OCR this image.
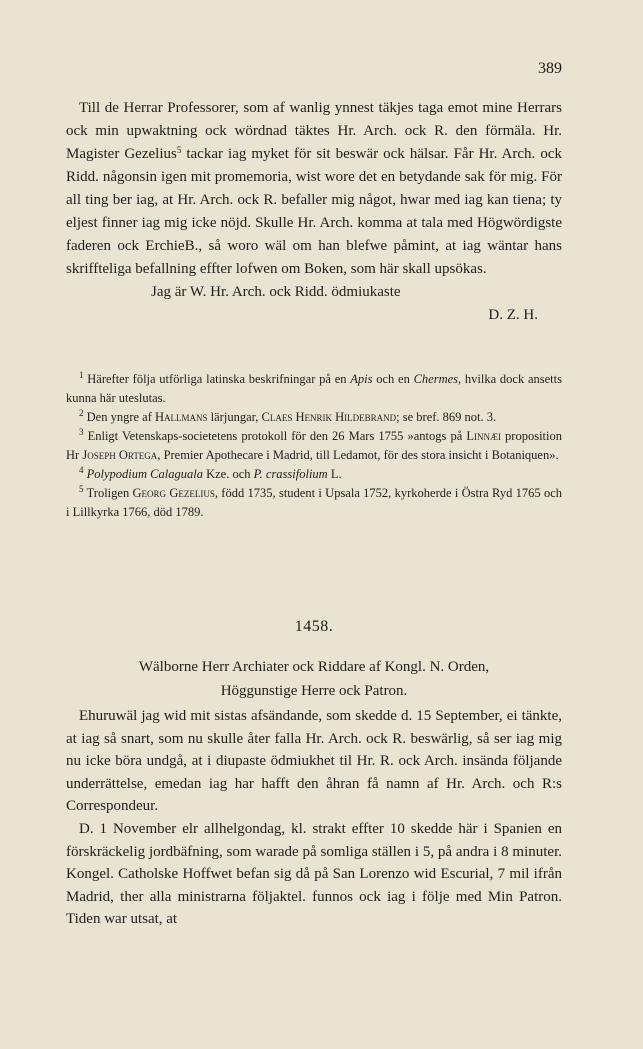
389

Till de Herrar Professorer, som af wanlig ynnest täkjes taga emot mine Herrars ock min upwaktning ock wördnad täktes Hr. Arch. ock R. den förmäla. Hr. Magister Gezelius$^5$ tackar iag myket för sit beswär ock hälsar. Får Hr. Arch. ock Ridd. någonsin igen mit promemoria, wist wore det en betydande sak för mig. För all ting ber iag, at Hr. Arch. ock R. befaller mig något, hwar med iag kan tiena; ty eljest finner iag mig icke nöjd. Skulle Hr. Arch. komma at tala med Högwördigste faderen ock ErchieB., så woro wäl om han blefwe påmint, at iag wäntar hans skriffteliga befallning effter lofwen om Boken, som här skall upsökas.

Jag är W. Hr. Arch. ock Ridd. ödmiukaste

D. Z. H.

$^1$ Härefter följa utförliga latinska beskrifningar på en Apis och en Chermes, hvilka dock ansetts kunna här uteslutas.

$^2$ Den yngre af Hallmans lärjungar, Claes Henrik Hildebrand; se bref. 869 not. 3.

$^3$ Enligt Vetenskaps-societetens protokoll för den 26 Mars 1755 »antogs på Linnæi proposition Hr Joseph Ortega, Premier Apothecare i Madrid, till Ledamot, för des stora insicht i Botaniquen».

$^4$ Polypodium Calaguala Kze. och P. crassifolium L.

$^5$ Troligen Georg Gezelius, född 1735, student i Upsala 1752, kyrkoherde i Östra Ryd 1765 och i Lillkyrka 1766, död 1789.

1458.
Wälborne Herr Archiater ock Riddare af Kongl. N. Orden,
Höggunstige Herre ock Patron.

Ehuruwäl jag wid mit sistas afsändande, som skedde d. 15 September, ei tänkte, at iag så snart, som nu skulle åter falla Hr. Arch. ock R. beswärlig, så ser iag mig nu icke böra undgå, at i diupaste ödmiukhet til Hr. R. ock Arch. insända följande underrättelse, emedan iag har hafft den åhran få namn af Hr. Arch. och R:s Correspondeur.

D. 1 November elr allhelgondag, kl. strakt effter 10 skedde här i Spanien en förskräckelig jordbäfning, som warade på somliga ställen i 5, på andra i 8 minuter. Kongel. Catholske Hoffwet befan sig då på San Lorenzo wid Escurial, 7 mil ifrån Madrid, ther alla ministrarna följaktel. funnos ock iag i följe med Min Patron. Tiden war utsat, at
